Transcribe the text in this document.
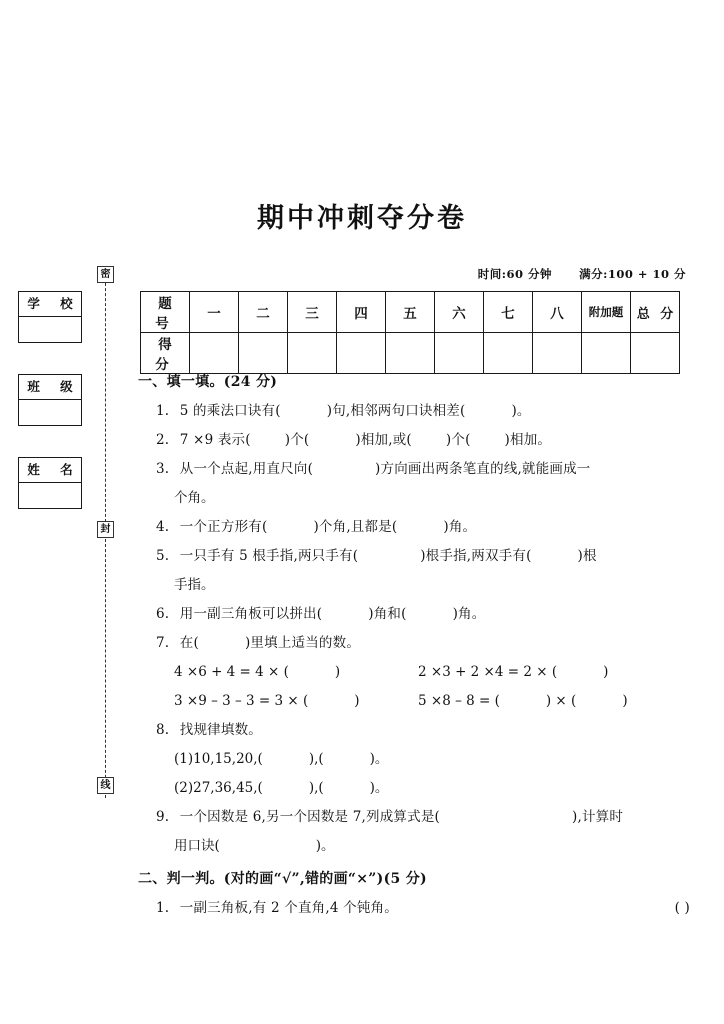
期中冲刺夺分卷
时间:60 分钟 满分:100 + 10 分
学 校
班 级
姓 名
密
封
线
题 号	一	二	三	四	五	六	七	八	附加题	总 分
得 分										

一、填一填。(24 分)

1. 5 的乘法口诀有(	)句,相邻两句口诀相差(	)。

2. 7 ×9 表示(	)个(	)相加,或(	)个(	)相加。

3. 从一个点起,用直尺向(	)方向画出两条笔直的线,就能画成一

个角。

4. 一个正方形有(	)个角,且都是(	)角。

5. 一只手有 5 根手指,两只手有(	)根手指,两双手有(	)根

手指。

6. 用一副三角板可以拼出(	)角和(	)角。

7. 在(	)里填上适当的数。

4 ×6 + 4 = 4 × (	)	2 ×3 + 2 ×4 = 2 × (	)
3 ×9 – 3 – 3 = 3 × (	)	5 ×8 – 8 = (	) × (	)

8. 找规律填数。

(1)10,15,20,(	),(	)。

(2)27,36,45,(	),(	)。

9. 一个因数是 6,另一个因数是 7,列成算式是(	),计算时

用口诀(	)。

二、判一判。(对的画“√”,错的画“×”)(5 分)

1. 一副三角板,有 2 个直角,4 个钝角。	( )
